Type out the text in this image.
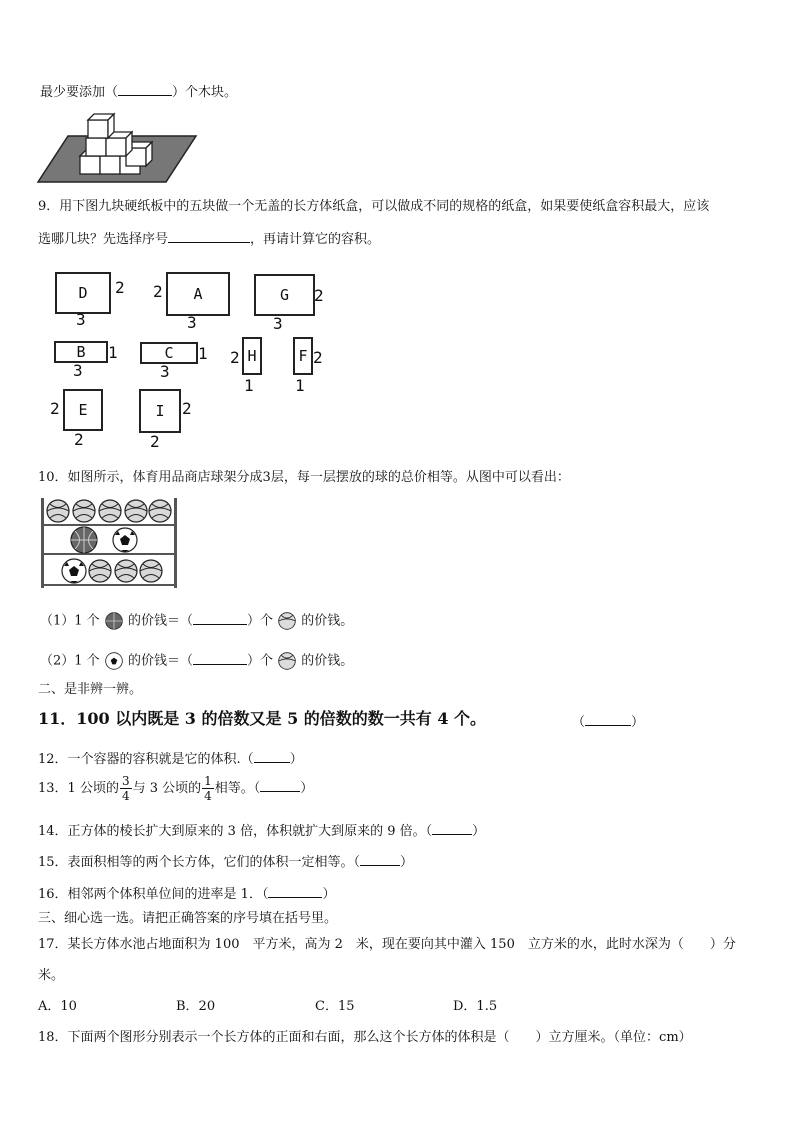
最少要添加（	）个木块。
9．用下图九块硬纸板中的五块做一个无盖的长方体纸盒，可以做成不同的规格的纸盒，如果要使纸盒容积最大，应该
选哪几块？先选择序号	，再请计算它的容积。
D	2
3
2	A
3
G	2
3
B	1
3
C	1
3
2 H
1
F 2
1
2	E
2
I	2
2
10．如图所示，体育用品商店球架分成3层，每一层摆放的球的总价相等。从图中可以看出：
（1）1 个 的价钱＝（	）个 的价钱。
（2）1 个 的价钱＝（	）个 的价钱。
二、是非辨一辨。
11．100 以内既是 3 的倍数又是 5 的倍数的数一共有 4 个。	（	）
12．一个容器的容积就是它的体积.（	）
13．1 公顷的 $\frac{3}{4}$ 与 3 公顷的 $\frac{1}{4}$ 相等。（	）
14．正方体的棱长扩大到原来的 3 倍，体积就扩大到原来的 9 倍。（	）
15．表面积相等的两个长方体，它们的体积一定相等。（	）
16．相邻两个体积单位间的进率是 1．（	）
三、细心选一选。请把正确答案的序号填在括号里。
17．某长方体水池占地面积为 100　平方米，高为 2　米，现在要向其中灌入 150　立方米的水，此时水深为（　　）分
米。
A．10	B．20	C．15	D．1.5
18．下面两个图形分别表示一个长方体的正面和右面，那么这个长方体的体积是（　　）立方厘米。（单位：cm）
